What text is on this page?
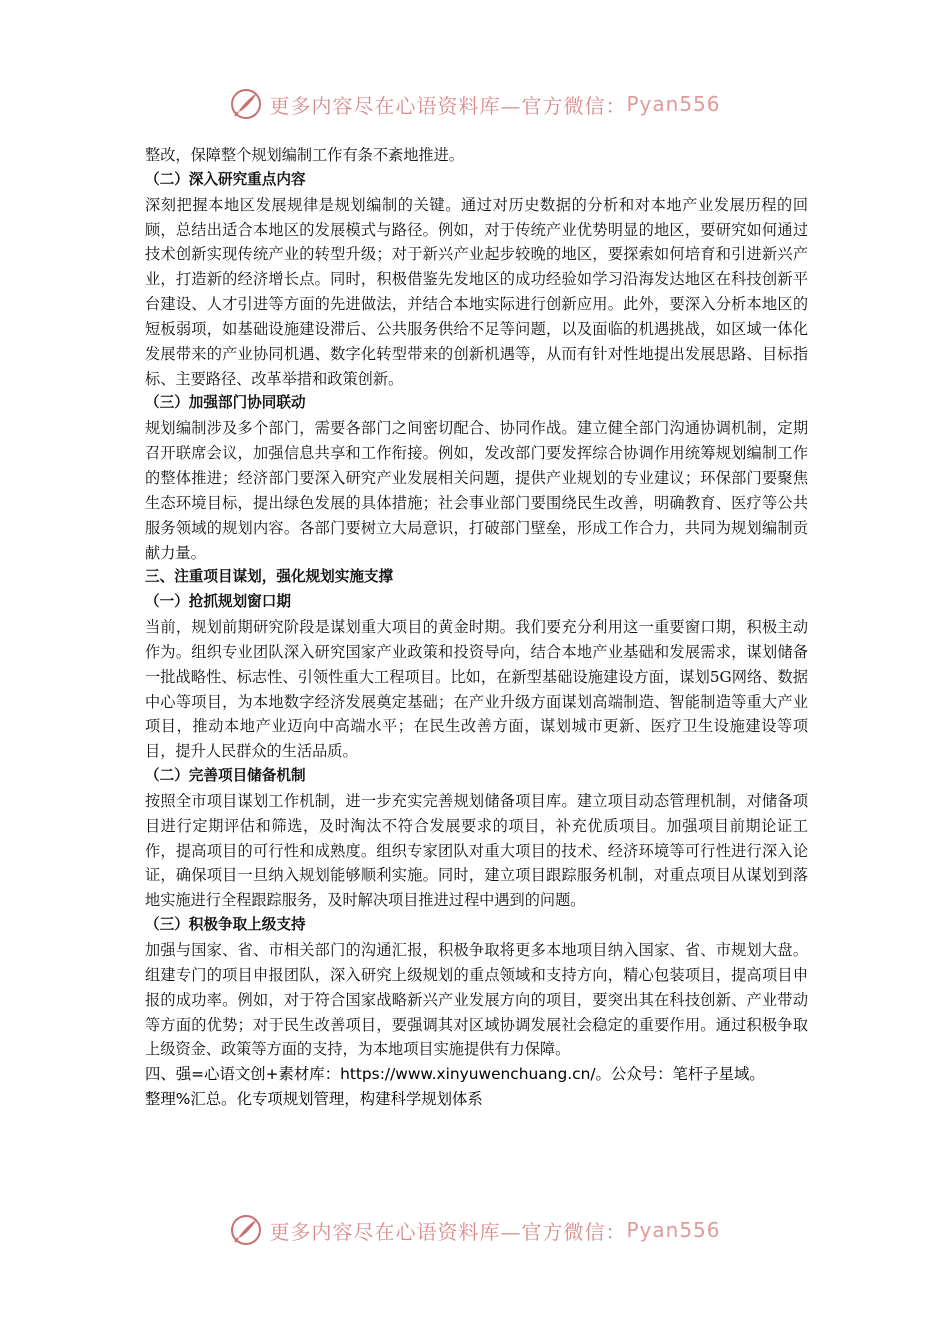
更多内容尽在心语资料库—官方微信： Pyan556

整改，保障整个规划编制工作有条不紊地推进。

（二）深入研究重点内容

深刻把握本地区发展规律是规划编制的关键。通过对历史数据的分析和对本地产业发展历程的回顾，总结出适合本地区的发展模式与路径。例如，对于传统产业优势明显的地区，要研究如何通过技术创新实现传统产业的转型升级；对于新兴产业起步较晚的地区，要探索如何培育和引进新兴产业，打造新的经济增长点。同时，积极借鉴先发地区的成功经验如学习沿海发达地区在科技创新平台建设、人才引进等方面的先进做法，并结合本地实际进行创新应用。此外，要深入分析本地区的短板弱项，如基础设施建设滞后、公共服务供给不足等问题，以及面临的机遇挑战，如区域一体化发展带来的产业协同机遇、数字化转型带来的创新机遇等，从而有针对性地提出发展思路、目标指标、主要路径、改革举措和政策创新。

（三）加强部门协同联动

规划编制涉及多个部门，需要各部门之间密切配合、协同作战。建立健全部门沟通协调机制，定期召开联席会议，加强信息共享和工作衔接。例如，发改部门要发挥综合协调作用统筹规划编制工作的整体推进；经济部门要深入研究产业发展相关问题，提供产业规划的专业建议；环保部门要聚焦生态环境目标，提出绿色发展的具体措施；社会事业部门要围绕民生改善，明确教育、医疗等公共服务领域的规划内容。各部门要树立大局意识，打破部门壁垒，形成工作合力，共同为规划编制贡献力量。

三、注重项目谋划，强化规划实施支撑

（一）抢抓规划窗口期

当前，规划前期研究阶段是谋划重大项目的黄金时期。我们要充分利用这一重要窗口期，积极主动作为。组织专业团队深入研究国家产业政策和投资导向，结合本地产业基础和发展需求，谋划储备一批战略性、标志性、引领性重大工程项目。比如，在新型基础设施建设方面，谋划5G网络、数据中心等项目，为本地数字经济发展奠定基础；在产业升级方面谋划高端制造、智能制造等重大产业项目，推动本地产业迈向中高端水平；在民生改善方面，谋划城市更新、医疗卫生设施建设等项目，提升人民群众的生活品质。

（二）完善项目储备机制

按照全市项目谋划工作机制，进一步充实完善规划储备项目库。建立项目动态管理机制，对储备项目进行定期评估和筛选，及时淘汰不符合发展要求的项目，补充优质项目。加强项目前期论证工作，提高项目的可行性和成熟度。组织专家团队对重大项目的技术、经济环境等可行性进行深入论证，确保项目一旦纳入规划能够顺利实施。同时，建立项目跟踪服务机制，对重点项目从谋划到落地实施进行全程跟踪服务，及时解决项目推进过程中遇到的问题。

（三）积极争取上级支持

加强与国家、省、市相关部门的沟通汇报，积极争取将更多本地项目纳入国家、省、市规划大盘。组建专门的项目申报团队，深入研究上级规划的重点领域和支持方向，精心包装项目，提高项目申报的成功率。例如，对于符合国家战略新兴产业发展方向的项目，要突出其在科技创新、产业带动等方面的优势；对于民生改善项目，要强调其对区域协调发展社会稳定的重要作用。通过积极争取上级资金、政策等方面的支持，为本地项目实施提供有力保障。

四、强=心语文创+素材库：https://www.xinyuwenchuang.cn/。公众号：笔杆子星域。

整理%汇总。化专项规划管理，构建科学规划体系

更多内容尽在心语资料库—官方微信： Pyan556
